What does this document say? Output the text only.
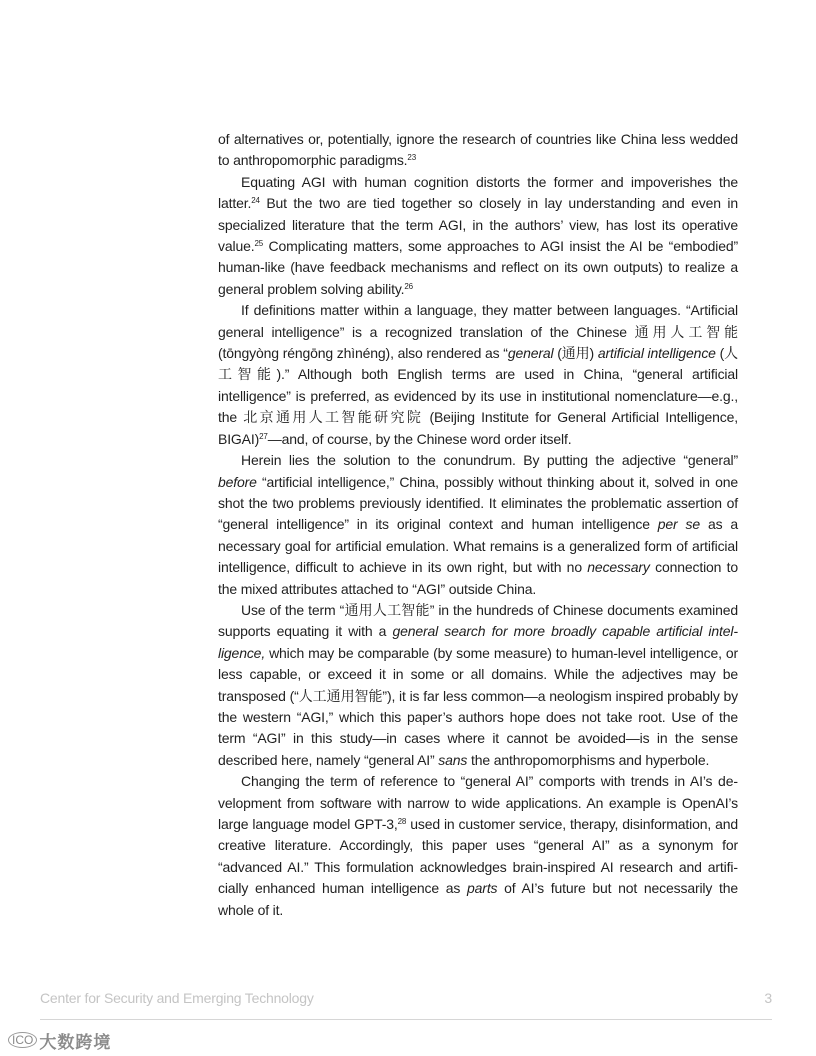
of alternatives or, potentially, ignore the research of countries like China less wedded to anthropomorphic paradigms.$^{23}$

Equating AGI with human cognition distorts the former and impoverishes the latter.$^{24}$ But the two are tied together so closely in lay understanding and even in specialized literature that the term AGI, in the authors’ view, has lost its operative value.$^{25}$ Complicating matters, some approaches to AGI insist the AI be “embodied” human-like (have feedback mechanisms and reflect on its own outputs) to realize a general problem solving ability.$^{26}$

If definitions matter within a language, they matter between languages. “Artificial general intelligence” is a recognized translation of the Chinese 通用人工智能 (tōngyòng réngōng zhìnéng), also rendered as “general (通用) artificial intelligence (人工智能).” Although both English terms are used in China, “general artificial intelligence” is preferred, as evidenced by its use in institutional nomenclature—e.g., the 北京通用人工智能研究院 (Beijing Institute for General Artificial Intelligence, BIGAI)$^{27}$—and, of course, by the Chinese word order itself.

Herein lies the solution to the conundrum. By putting the adjective “general” before “artificial intelligence,” China, possibly without thinking about it, solved in one shot the two problems previously identified. It eliminates the problematic assertion of “general intelligence” in its original context and human intelligence per se as a necessary goal for artificial emulation. What remains is a generalized form of artificial intelligence, difficult to achieve in its own right, but with no necessary connection to the mixed attributes attached to “AGI” outside China.

Use of the term “通用人工智能” in the hundreds of Chinese documents examined supports equating it with a general search for more broadly capable artificial intelligence, which may be comparable (by some measure) to human-level intelligence, or less capable, or exceed it in some or all domains. While the adjectives may be transposed (“人工通用智能”), it is far less common—a neologism inspired probably by the western “AGI,” which this paper’s authors hope does not take root. Use of the term “AGI” in this study—in cases where it cannot be avoided—is in the sense described here, namely “general AI” sans the anthropomorphisms and hyperbole.

Changing the term of reference to “general AI” comports with trends in AI’s development from software with narrow to wide applications. An example is OpenAI’s large language model GPT-3,28 used in customer service, therapy, disinformation, and creative literature. Accordingly, this paper uses “general AI” as a synonym for “advanced AI.” This formulation acknowledges brain-inspired AI research and artificially enhanced human intelligence as parts of AI’s future but not necessarily the whole of it.

Center for Security and Emerging Technology	3
ICO 大数跨境
